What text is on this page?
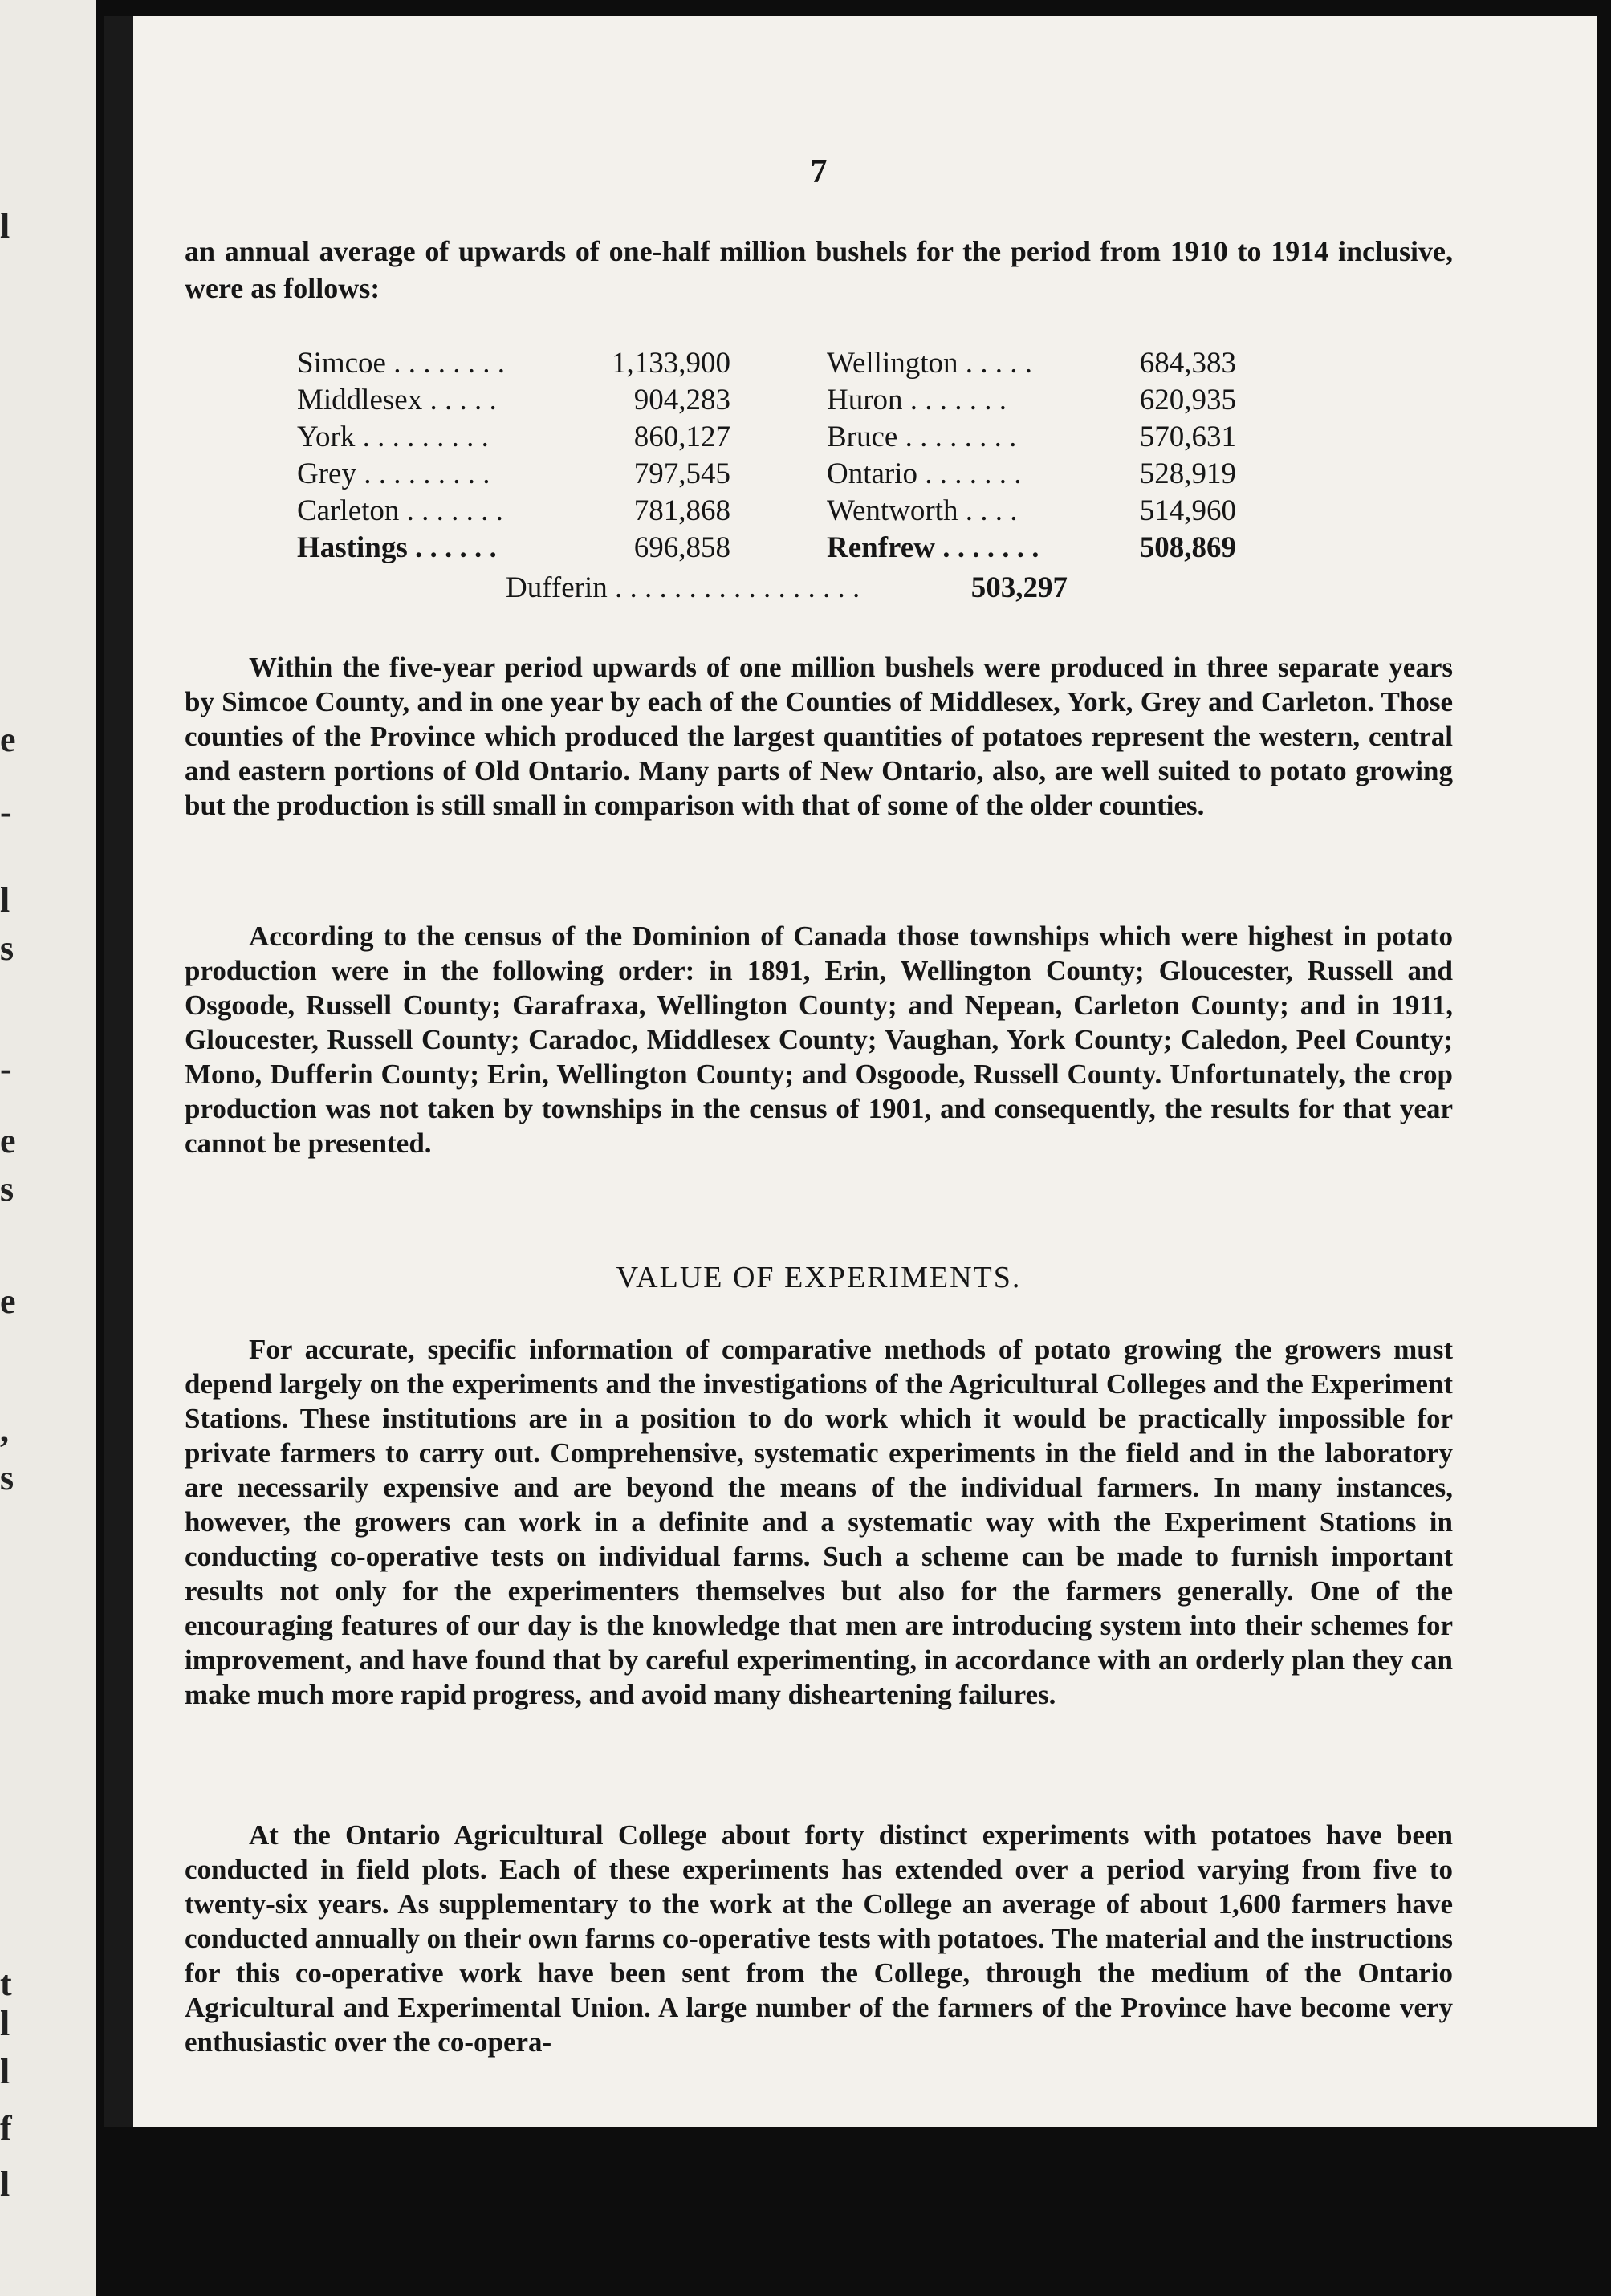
l
e
-
l
s
-
e
s
e
,
s
t
l
l
f
l
7
an annual average of upwards of one-half million bushels for the period from 1910 to 1914 inclusive, were as follows:
Simcoe . . . . . . . .	1,133,900	Wellington . . . . .	684,383
Middlesex . . . . .	904,283	Huron . . . . . . .	620,935
York . . . . . . . . .	860,127	Bruce . . . . . . . .	570,631
Grey . . . . . . . . .	797,545	Ontario . . . . . . .	528,919
Carleton . . . . . . .	781,868	Wentworth . . . .	514,960
Hastings . . . . . .	696,858	Renfrew . . . . . . .	508,869
Dufferin . . . . . . . . . . . . . . . . .	503,297
Within the five-year period upwards of one million bushels were produced in three separate years by Simcoe County, and in one year by each of the Counties of Middlesex, York, Grey and Carleton. Those counties of the Province which produced the largest quantities of potatoes represent the western, central and eastern portions of Old Ontario. Many parts of New Ontario, also, are well suited to potato growing but the production is still small in comparison with that of some of the older counties.
According to the census of the Dominion of Canada those townships which were highest in potato production were in the following order: in 1891, Erin, Wellington County; Gloucester, Russell and Osgoode, Russell County; Garafraxa, Wellington County; and Nepean, Carleton County; and in 1911, Gloucester, Russell County; Caradoc, Middlesex County; Vaughan, York County; Caledon, Peel County; Mono, Dufferin County; Erin, Wellington County; and Osgoode, Russell County. Unfortunately, the crop production was not taken by townships in the census of 1901, and consequently, the results for that year cannot be presented.
VALUE OF EXPERIMENTS.
For accurate, specific information of comparative methods of potato growing the growers must depend largely on the experiments and the investigations of the Agricultural Colleges and the Experiment Stations. These institutions are in a position to do work which it would be practically impossible for private farmers to carry out. Comprehensive, systematic experiments in the field and in the laboratory are necessarily expensive and are beyond the means of the individual farmers. In many instances, however, the growers can work in a definite and a systematic way with the Experiment Stations in conducting co-operative tests on individual farms. Such a scheme can be made to furnish important results not only for the experimenters themselves but also for the farmers generally. One of the encouraging features of our day is the knowledge that men are introducing system into their schemes for improvement, and have found that by careful experimenting, in accordance with an orderly plan they can make much more rapid progress, and avoid many disheartening failures.
At the Ontario Agricultural College about forty distinct experiments with potatoes have been conducted in field plots. Each of these experiments has extended over a period varying from five to twenty-six years. As supplementary to the work at the College an average of about 1,600 farmers have conducted annually on their own farms co-operative tests with potatoes. The material and the instructions for this co-operative work have been sent from the College, through the medium of the Ontario Agricultural and Experimental Union. A large number of the farmers of the Province have become very enthusiastic over the co-opera-
